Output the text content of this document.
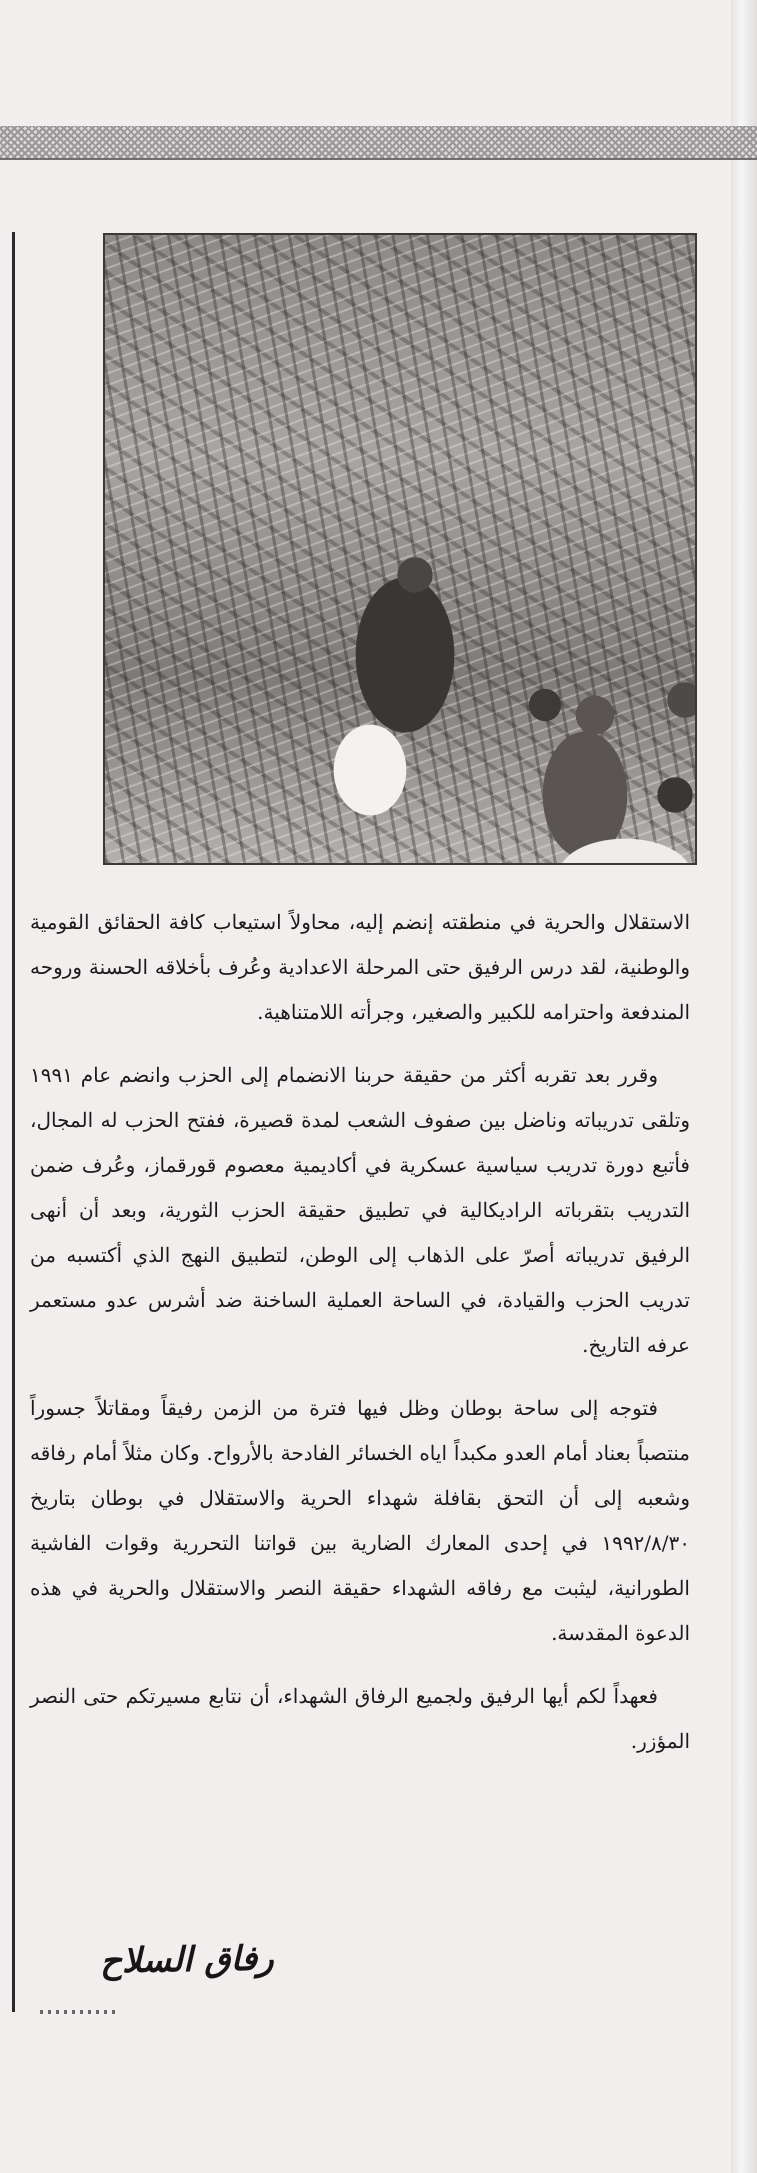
الاستقلال والحرية في منطقته إنضم إليه، محاولاً استيعاب كافة الحقائق القومية والوطنية، لقد درس الرفيق حتى المرحلة الاعدادية وعُرف بأخلاقه الحسنة وروحه المندفعة واحترامه للكبير والصغير، وجرأته اللامتناهية.

وقرر بعد تقربه أكثر من حقيقة حربنا الانضمام إلى الحزب وانضم عام ١٩٩١ وتلقى تدريباته وناضل بين صفوف الشعب لمدة قصيرة، ففتح الحزب له المجال، فأتبع دورة تدريب سياسية عسكرية في أكاديمية معصوم قورقماز، وعُرف ضمن التدريب بتقرباته الراديكالية في تطبيق حقيقة الحزب الثورية، وبعد أن أنهى الرفيق تدريباته أصرّ على الذهاب إلى الوطن، لتطبيق النهج الذي أكتسبه من تدريب الحزب والقيادة، في الساحة العملية الساخنة ضد أشرس عدو مستعمر عرفه التاريخ.

فتوجه إلى ساحة بوطان وظل فيها فترة من الزمن رفيقاً ومقاتلاً جسوراً منتصباً بعناد أمام العدو مكبداً اياه الخسائر الفادحة بالأرواح. وكان مثلاً أمام رفاقه وشعبه إلى أن التحق بقافلة شهداء الحرية والاستقلال في بوطان بتاريخ ١٩٩٢/٨/٣٠ في إحدى المعارك الضارية بين قواتنا التحررية وقوات الفاشية الطورانية، ليثبت مع رفاقه الشهداء حقيقة النصر والاستقلال والحرية في هذه الدعوة المقدسة.

فعهداً لكم أيها الرفيق ولجميع الرفاق الشهداء، أن نتابع مسيرتكم حتى النصر المؤزر.

رفاق السلاح
